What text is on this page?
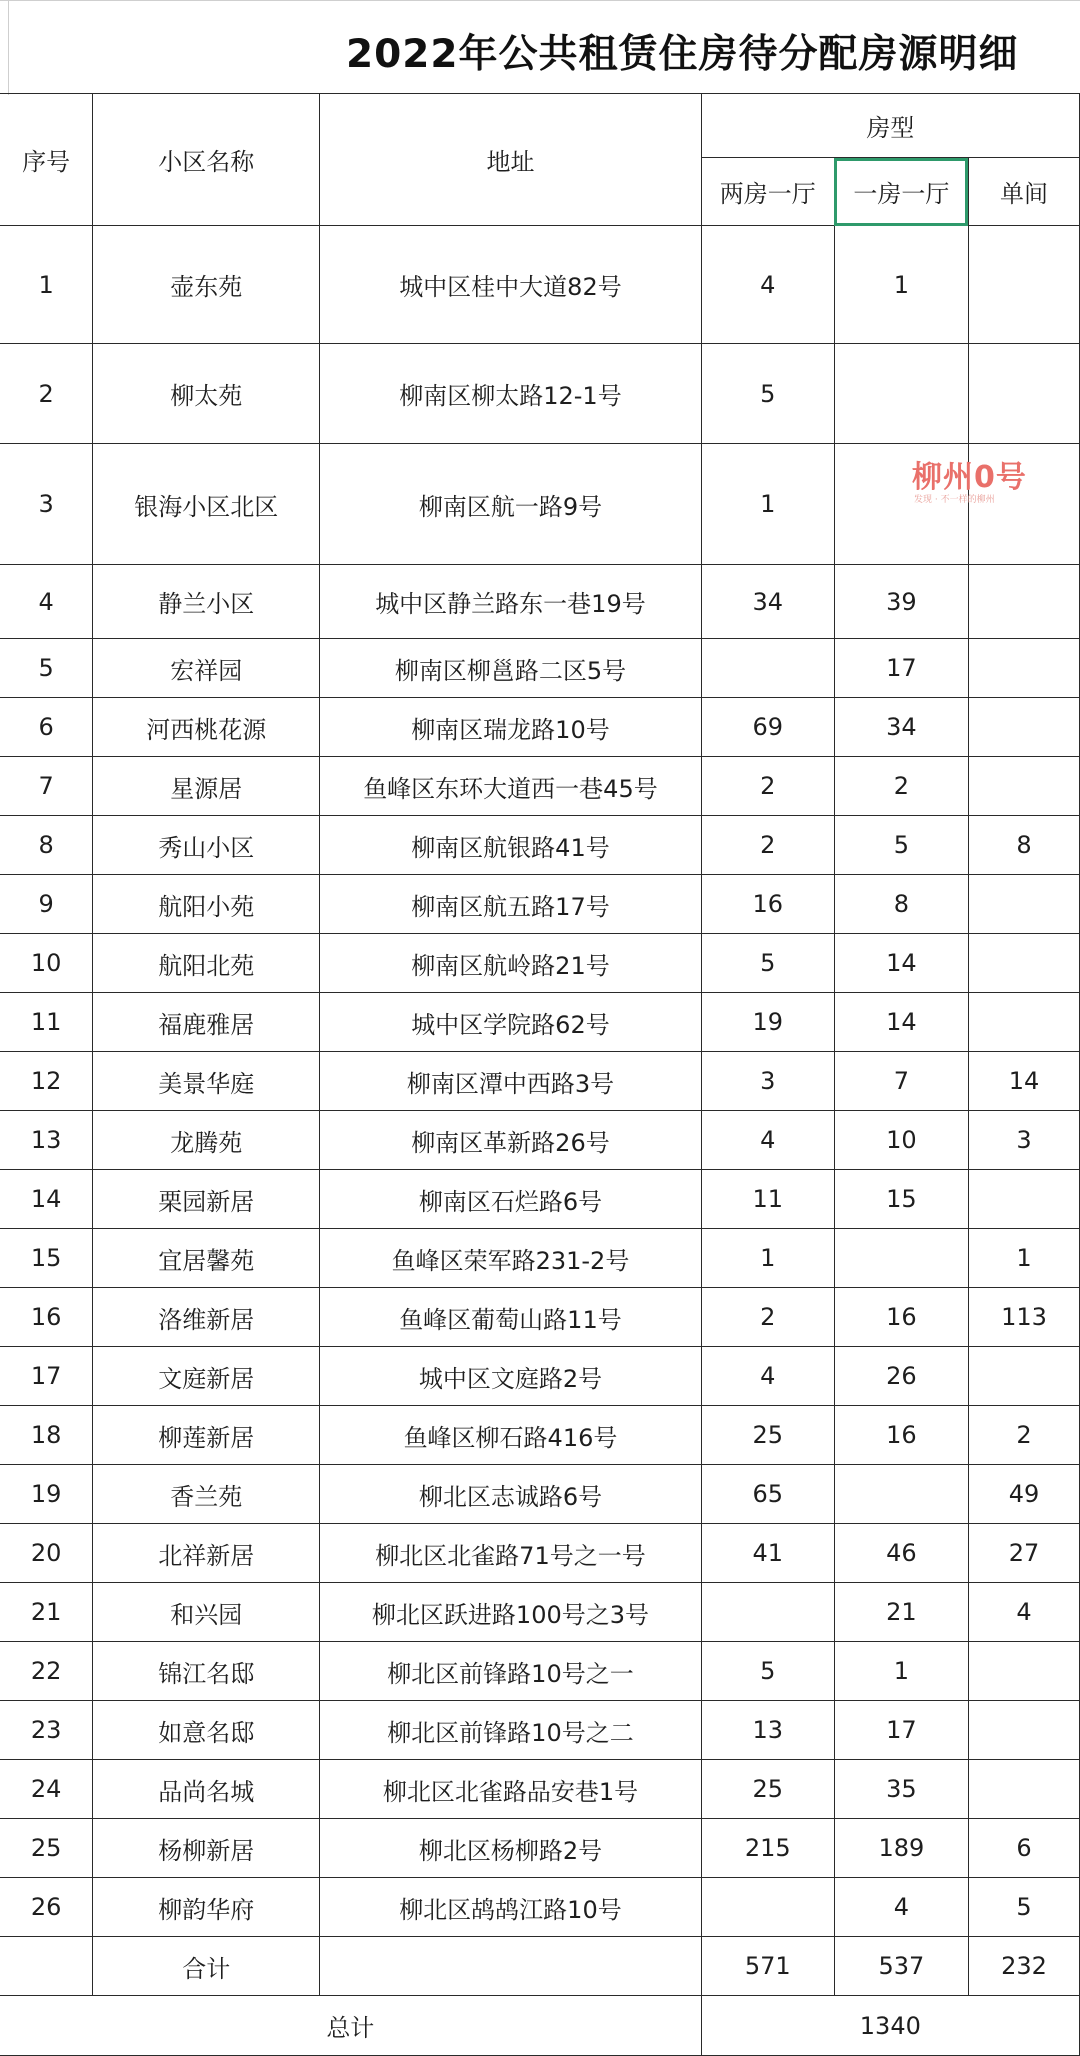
2022年公共租赁住房待分配房源明细
序号	小区名称	地址	房型		
			两房一厅	一房一厅	单间
1	壶东苑	城中区桂中大道82号	4	1	
2	柳太苑	柳南区柳太路12-1号	5		
3	银海小区北区	柳南区航一路9号	1		
4	静兰小区	城中区静兰路东一巷19号	34	39	
5	宏祥园	柳南区柳邕路二区5号		17	
6	河西桃花源	柳南区瑞龙路10号	69	34	
7	星源居	鱼峰区东环大道西一巷45号	2	2	
8	秀山小区	柳南区航银路41号	2	5	8
9	航阳小苑	柳南区航五路17号	16	8	
10	航阳北苑	柳南区航岭路21号	5	14	
11	福鹿雅居	城中区学院路62号	19	14	
12	美景华庭	柳南区潭中西路3号	3	7	14
13	龙腾苑	柳南区革新路26号	4	10	3
14	栗园新居	柳南区石烂路6号	11	15	
15	宜居馨苑	鱼峰区荣军路231-2号	1		1
16	洛维新居	鱼峰区葡萄山路11号	2	16	113
17	文庭新居	城中区文庭路2号	4	26	
18	柳莲新居	鱼峰区柳石路416号	25	16	2
19	香兰苑	柳北区志诚路6号	65		49
20	北祥新居	柳北区北雀路71号之一号	41	46	27
21	和兴园	柳北区跃进路100号之3号		21	4
22	锦江名邸	柳北区前锋路10号之一	5	1	
23	如意名邸	柳北区前锋路10号之二	13	17	
24	品尚名城	柳北区北雀路品安巷1号	25	35	
25	杨柳新居	柳北区杨柳路2号	215	189	6
26	柳韵华府	柳北区鸪鸪江路10号		4	5
	合计		571	537	232
总计			1340		
柳州0号
发现 · 不一样的柳州
